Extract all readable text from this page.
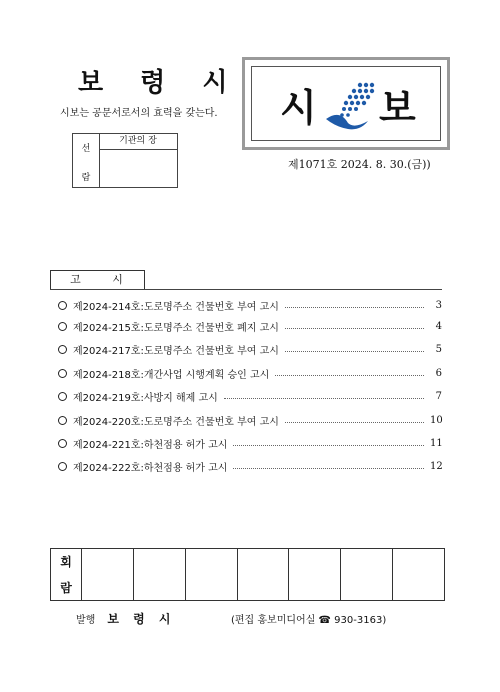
보 령 시
시보는 공문서로서의 효력을 갖는다.
선
람
기관의 장
시 보
제1071호 2024. 8. 30.(금))
고 시
제2024-214호:도로명주소 건물번호 부여 고시	3
제2024-215호:도로명주소 건물번호 폐지 고시	4
제2024-217호:도로명주소 건물번호 부여 고시	5
제2024-218호:개간사업 시행계획 승인 고시	6
제2024-219호:사방지 해제 고시	7
제2024-220호:도로명주소 건물번호 부여 고시	10
제2024-221호:하천점용 허가 고시	11
제2024-222호:하천점용 허가 고시	12
회
람
발행 보 령 시	(편집 홍보미디어실 ☎ 930-3163)
